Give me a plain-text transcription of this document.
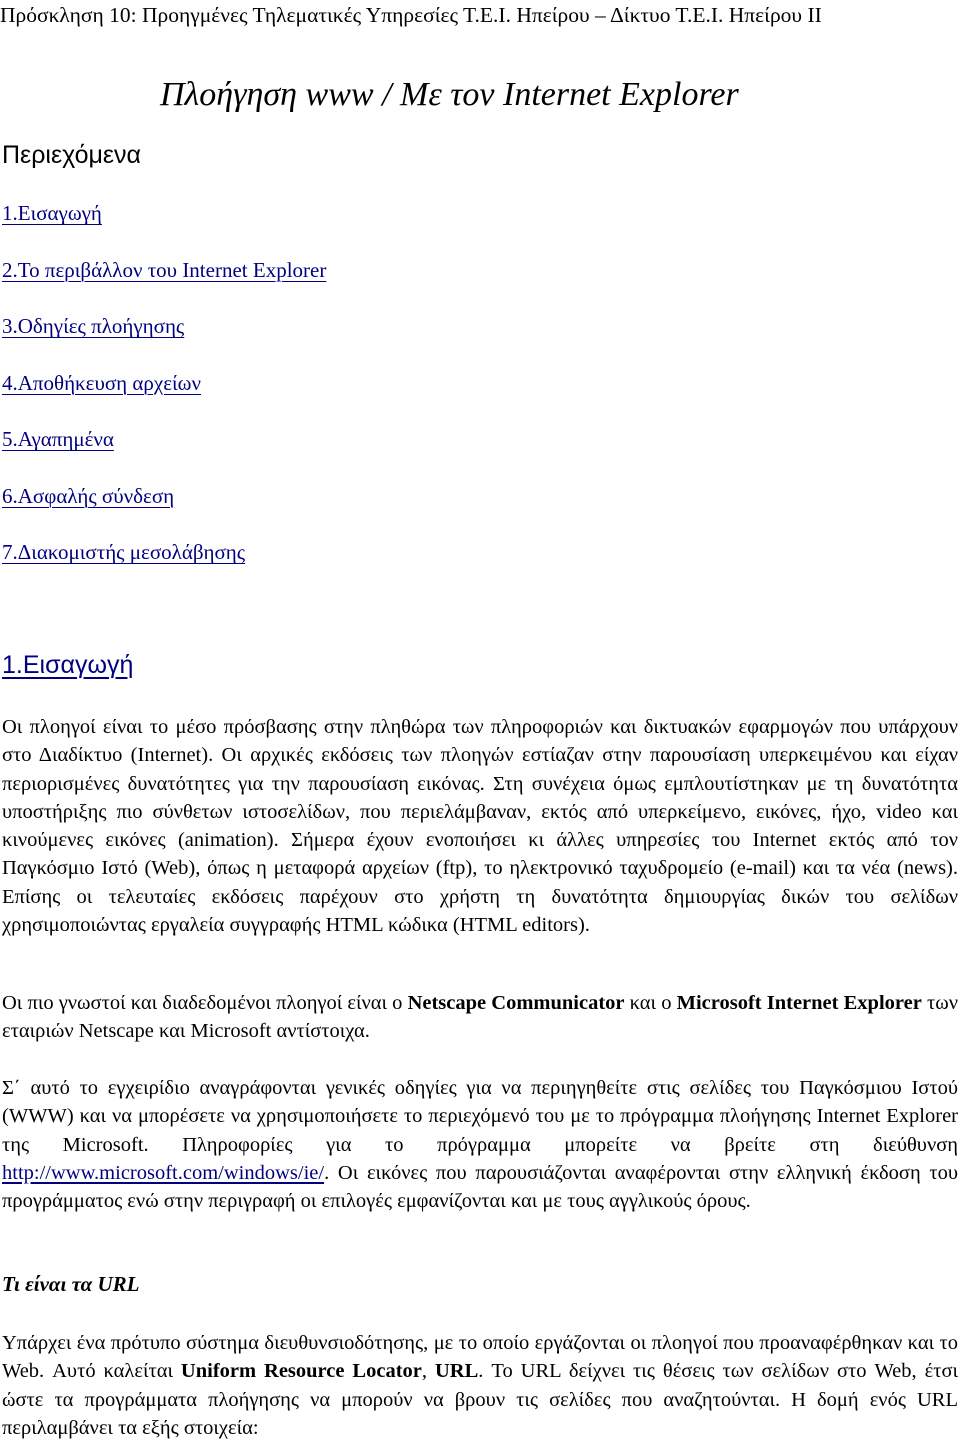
Πρόσκληση 10: Προηγμένες Τηλεματικές Υπηρεσίες Τ.Ε.Ι. Ηπείρου – Δίκτυο Τ.Ε.Ι. Ηπείρου ΙΙ
Πλοήγηση www / Με τον Internet Explorer
Περιεχόμενα
1.Εισαγωγή
2.Το περιβάλλον του Internet Explorer
3.Οδηγίες πλοήγησης
4.Αποθήκευση αρχείων
5.Αγαπημένα
6.Ασφαλής σύνδεση
7.Διακομιστής μεσολάβησης
1.Εισαγωγή

Οι πλοηγοί είναι το μέσο πρόσβασης στην πληθώρα των πληροφοριών και δικτυακών εφαρμογών που υπάρχουν στο Διαδίκτυο (Internet). Οι αρχικές εκδόσεις των πλοηγών εστίαζαν στην παρουσίαση υπερκειμένου και είχαν περιορισμένες δυνατότητες για την παρουσίαση εικόνας. Στη συνέχεια όμως εμπλουτίστηκαν με τη δυνατότητα υποστήριξης πιο σύνθετων ιστοσελίδων, που περιελάμβαναν, εκτός από υπερκείμενο, εικόνες, ήχο, video και κινούμενες εικόνες (animation). Σήμερα έχουν ενοποιήσει κι άλλες υπηρεσίες του Internet εκτός από τον Παγκόσμιο Ιστό (Web), όπως η μεταφορά αρχείων (ftp), το ηλεκτρονικό ταχυδρομείο (e-mail) και τα νέα (news). Επίσης οι τελευταίες εκδόσεις παρέχουν στο χρήστη τη δυνατότητα δημιουργίας δικών του σελίδων χρησιμοποιώντας εργαλεία συγγραφής HTML κώδικα (HTML editors).

Οι πιο γνωστοί και διαδεδομένοι πλοηγοί είναι ο Netscape Communicator και ο Microsoft Internet Explorer των εταιριών Netscape και Microsoft αντίστοιχα.

Σ΄ αυτό το εγχειρίδιο αναγράφονται γενικές οδηγίες για να περιηγηθείτε στις σελίδες του Παγκόσμιου Ιστού (WWW) και να μπορέσετε να χρησιμοποιήσετε το περιεχόμενό του με το πρόγραμμα πλοήγησης Internet Explorer της Microsoft. Πληροφορίες για το πρόγραμμα μπορείτε να βρείτε στη διεύθυνση http://www.microsoft.com/windows/ie/. Οι εικόνες που παρουσιάζονται αναφέρονται στην ελληνική έκδοση του προγράμματος ενώ στην περιγραφή οι επιλογές εμφανίζονται και με τους αγγλικούς όρους.

Τι είναι τα URL

Υπάρχει ένα πρότυπο σύστημα διευθυνσιοδότησης, με το οποίο εργάζονται οι πλοηγοί που προαναφέρθηκαν και το Web. Αυτό καλείται Uniform Resource Locator, URL. Το URL δείχνει τις θέσεις των σελίδων στο Web, έτσι ώστε τα προγράμματα πλοήγησης να μπορούν να βρουν τις σελίδες που αναζητούνται. Η δομή ενός URL περιλαμβάνει τα εξής στοιχεία:
